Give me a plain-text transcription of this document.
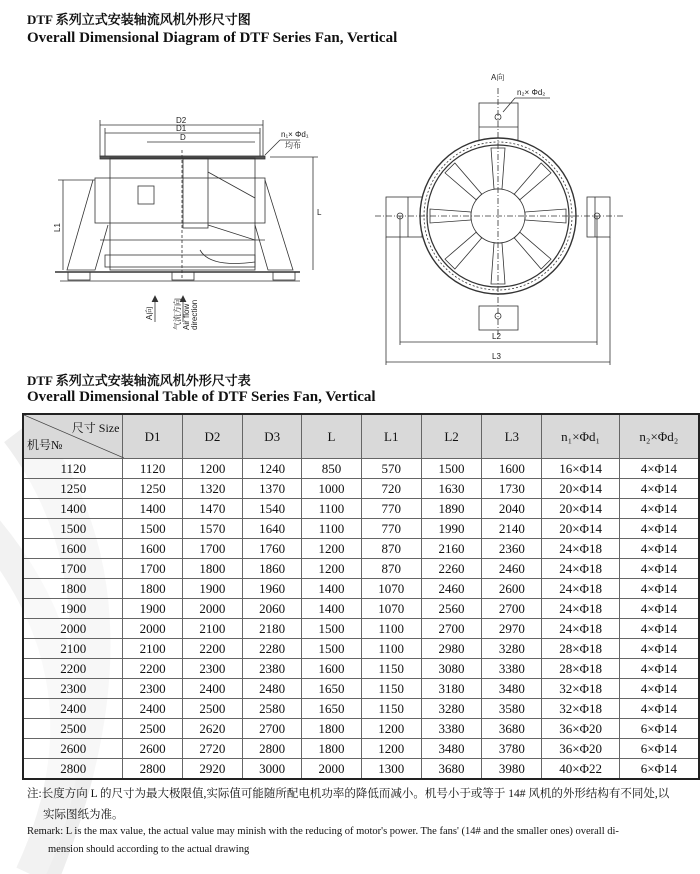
DTF 系列立式安装轴流风机外形尺寸图
Overall Dimensional Diagram of DTF Series Fan, Vertical
D2
D1
D	n₁× Φd₁
均布
L
L1
A向 气流方向 Air flow direction
A向
n₂× Φd₂
L2
L3
DTF 系列立式安装轴流风机外形尺寸表
Overall Dimensional Table of DTF Series Fan, Vertical
尺寸 Size
机号№	D1	D2	D3	L	L1	L2	L3	n₁×Φd₁	n₂×Φd₂
1120	1120	1200	1240	850	570	1500	1600	16×Φ14	4×Φ14
1250	1250	1320	1370	1000	720	1630	1730	20×Φ14	4×Φ14
1400	1400	1470	1540	1100	770	1890	2040	20×Φ14	4×Φ14
1500	1500	1570	1640	1100	770	1990	2140	20×Φ14	4×Φ14
1600	1600	1700	1760	1200	870	2160	2360	24×Φ18	4×Φ14
1700	1700	1800	1860	1200	870	2260	2460	24×Φ18	4×Φ14
1800	1800	1900	1960	1400	1070	2460	2600	24×Φ18	4×Φ14
1900	1900	2000	2060	1400	1070	2560	2700	24×Φ18	4×Φ14
2000	2000	2100	2180	1500	1100	2700	2970	24×Φ18	4×Φ14
2100	2100	2200	2280	1500	1100	2980	3280	28×Φ18	4×Φ14
2200	2200	2300	2380	1600	1150	3080	3380	28×Φ18	4×Φ14
2300	2300	2400	2480	1650	1150	3180	3480	32×Φ18	4×Φ14
2400	2400	2500	2580	1650	1150	3280	3580	32×Φ18	4×Φ14
2500	2500	2620	2700	1800	1200	3380	3680	36×Φ20	6×Φ14
2600	2600	2720	2800	1800	1200	3480	3780	36×Φ20	6×Φ14
2800	2800	2920	3000	2000	1300	3680	3980	40×Φ22	6×Φ14
注:长度方向 L 的尺寸为最大极限值,实际值可能随所配电机功率的降低而减小。机号小于或等于 14# 风机的外形结构有不同处,以
实际图纸为准。
Remark: L is the max value, the actual value may minish with the reducing of motor's power. The fans' (14# and the smaller ones) overall di-
mension should according to the actual drawing
